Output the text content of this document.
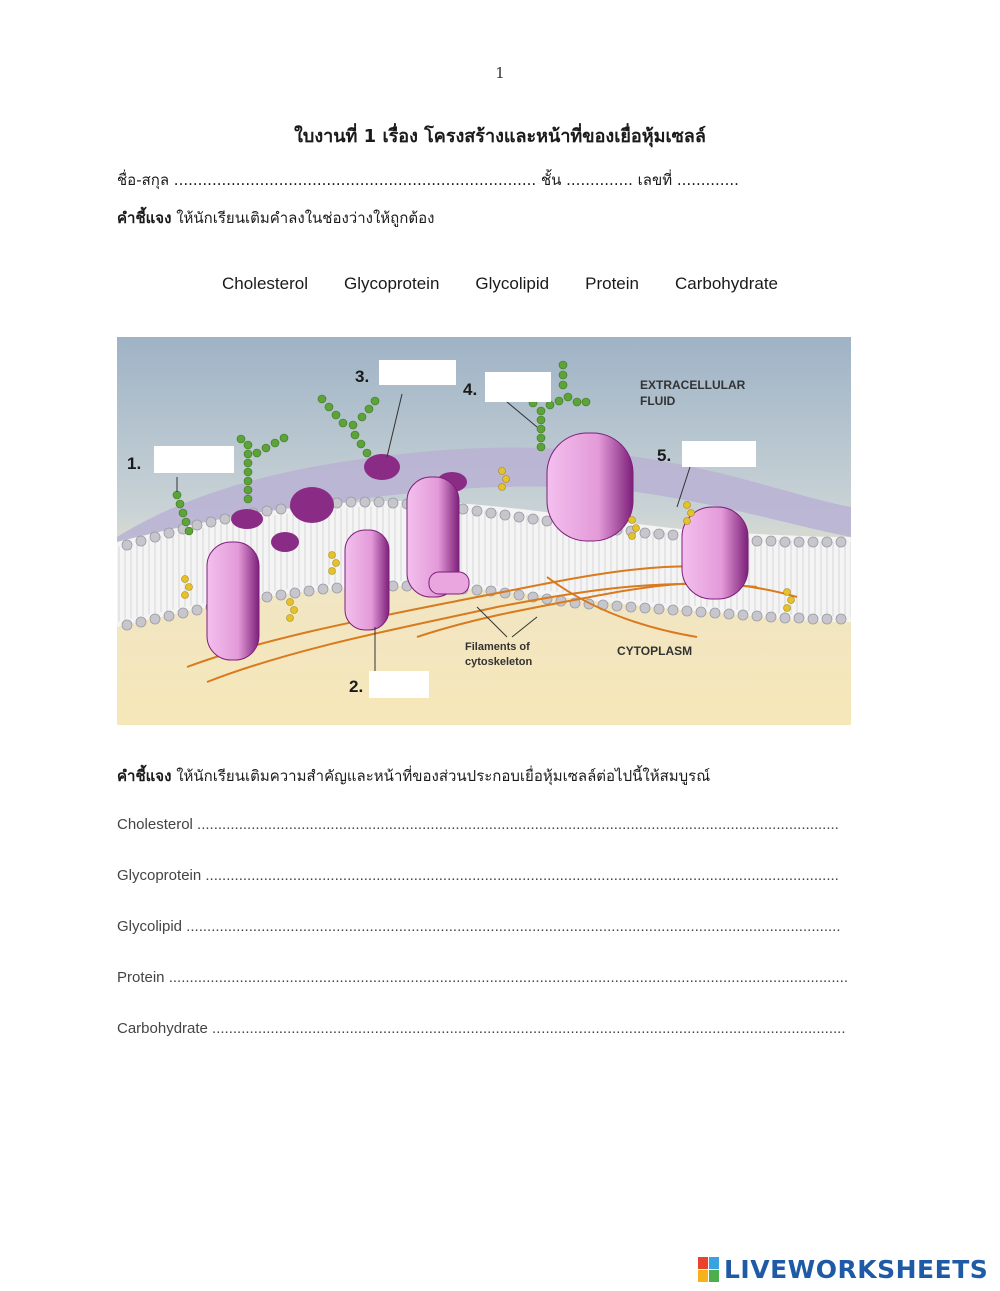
1
ใบงานที่ 1 เรื่อง โครงสร้างและหน้าที่ของเยื่อหุ้มเซลล์
ชื่อ-สกุล ............................................................................ ชั้น .............. เลขที่ .............
คำชี้แจง ให้นักเรียนเติมคำลงในช่องว่างให้ถูกต้อง
Cholesterol Glycoprotein Glycolipid Protein Carbohydrate
1.
3.
4.
5.
2.
EXTRACELLULAR
FLUID
Filaments of
cytoskeleton
CYTOPLASM
คำชี้แจง ให้นักเรียนเติมความสำคัญและหน้าที่ของส่วนประกอบเยื่อหุ้มเซลล์ต่อไปนี้ให้สมบูรณ์
Cholesterol ..........................................................................................................................................................
Glycoprotein ........................................................................................................................................................
Glycolipid .............................................................................................................................................................
Protein ...................................................................................................................................................................
Carbohydrate ........................................................................................................................................................
LIVEWORKSHEETS
